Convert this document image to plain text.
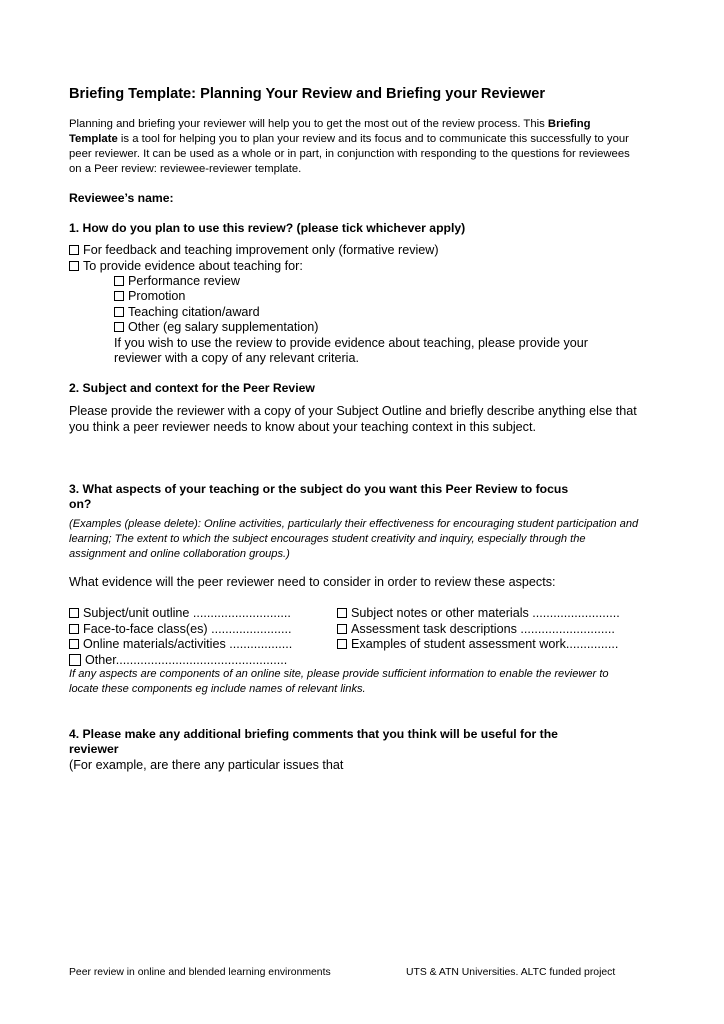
Briefing Template: Planning Your Review and Briefing your Reviewer
Planning and briefing your reviewer will help you to get the most out of the review process. This Briefing Template is a tool for helping you to plan your review and its focus and to communicate this successfully to your peer reviewer. It can be used as a whole or in part, in conjunction with responding to the questions for reviewees on a Peer review: reviewee-reviewer template.
Reviewee’s name:
1. How do you plan to use this review? (please tick whichever apply)
For feedback and teaching improvement only (formative review)
To provide evidence about teaching for:
Performance review
Promotion
Teaching citation/award
Other (eg salary supplementation)
If you wish to use the review to provide evidence about teaching, please provide your
reviewer with a copy of any relevant criteria.
2. Subject and context for the Peer Review
Please provide the reviewer with a copy of your Subject Outline and briefly describe anything else that you think a peer reviewer needs to know about your teaching context in this subject.
3. What aspects of your teaching or the subject do you want this Peer Review to focus
on?
(Examples (please delete): Online activities, particularly their effectiveness for encouraging student participation and learning; The extent to which the subject encourages student creativity and inquiry, especially through the assignment and online collaboration groups.)
What evidence will the peer reviewer need to consider in order to review these aspects:
Subject/unit outline ............................
Face-to-face class(es) .......................
Online materials/activities ..................
Other.................................................
Subject notes or other materials .........................
Assessment task descriptions ...........................
Examples of student assessment work...............
If any aspects are components of an online site, please provide sufficient information to enable the reviewer to locate these components eg include names of relevant links.
4. Please make any additional briefing comments that you think will be useful for the
reviewer
(For example, are there any particular issues that
Peer review in online and blended learning environments	UTS & ATN Universities. ALTC funded project
